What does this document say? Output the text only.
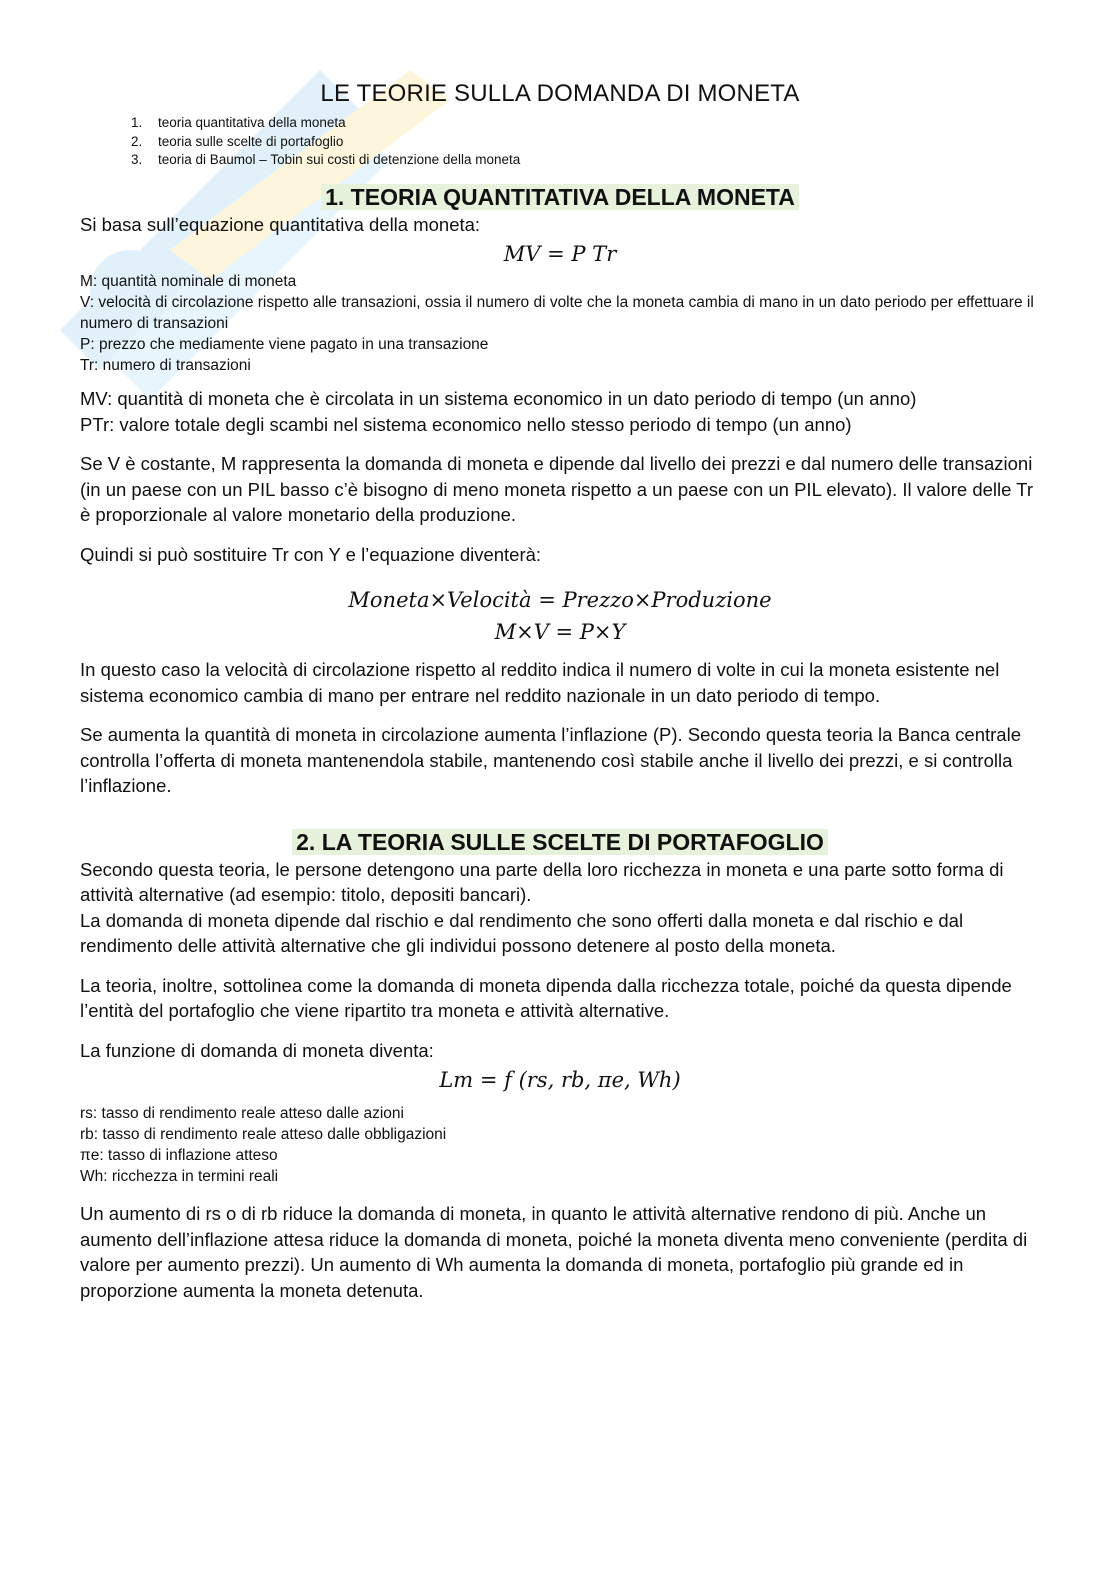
LE TEORIE SULLA DOMANDA DI MONETA
1. teoria quantitativa della moneta
2. teoria sulle scelte di portafoglio
3. teoria di Baumol – Tobin sui costi di detenzione della moneta
1. TEORIA QUANTITATIVA DELLA MONETA

Si basa sull’equazione quantitativa della moneta:

MV = P Tr

M: quantità nominale di moneta

V: velocità di circolazione rispetto alle transazioni, ossia il numero di volte che la moneta cambia di mano in un dato periodo per effettuare il numero di transazioni

P: prezzo che mediamente viene pagato in una transazione

Tr: numero di transazioni

MV: quantità di moneta che è circolata in un sistema economico in un dato periodo di tempo (un anno)

PTr: valore totale degli scambi nel sistema economico nello stesso periodo di tempo (un anno)

Se V è costante, M rappresenta la domanda di moneta e dipende dal livello dei prezzi e dal numero delle transazioni (in un paese con un PIL basso c’è bisogno di meno moneta rispetto a un paese con un PIL elevato). Il valore delle Tr è proporzionale al valore monetario della produzione.

Quindi si può sostituire Tr con Y e l’equazione diventerà:

Moneta×Velocità = Prezzo×Produzione
M×V = P×Y

In questo caso la velocità di circolazione rispetto al reddito indica il numero di volte in cui la moneta esistente nel sistema economico cambia di mano per entrare nel reddito nazionale in un dato periodo di tempo.

Se aumenta la quantità di moneta in circolazione aumenta l’inflazione (P). Secondo questa teoria la Banca centrale controlla l’offerta di moneta mantenendola stabile, mantenendo così stabile anche il livello dei prezzi, e si controlla l’inflazione.

2. LA TEORIA SULLE SCELTE DI PORTAFOGLIO

Secondo questa teoria, le persone detengono una parte della loro ricchezza in moneta e una parte sotto forma di attività alternative (ad esempio: titolo, depositi bancari).

La domanda di moneta dipende dal rischio e dal rendimento che sono offerti dalla moneta e dal rischio e dal rendimento delle attività alternative che gli individui possono detenere al posto della moneta.

La teoria, inoltre, sottolinea come la domanda di moneta dipenda dalla ricchezza totale, poiché da questa dipende l’entità del portafoglio che viene ripartito tra moneta e attività alternative.

La funzione di domanda di moneta diventa:

Lm = f (rs, rb, πe, Wh)

rs: tasso di rendimento reale atteso dalle azioni

rb: tasso di rendimento reale atteso dalle obbligazioni

πe: tasso di inflazione atteso

Wh: ricchezza in termini reali

Un aumento di rs o di rb riduce la domanda di moneta, in quanto le attività alternative rendono di più. Anche un aumento dell’inflazione attesa riduce la domanda di moneta, poiché la moneta diventa meno conveniente (perdita di valore per aumento prezzi). Un aumento di Wh aumenta la domanda di moneta, portafoglio più grande ed in proporzione aumenta la moneta detenuta.
